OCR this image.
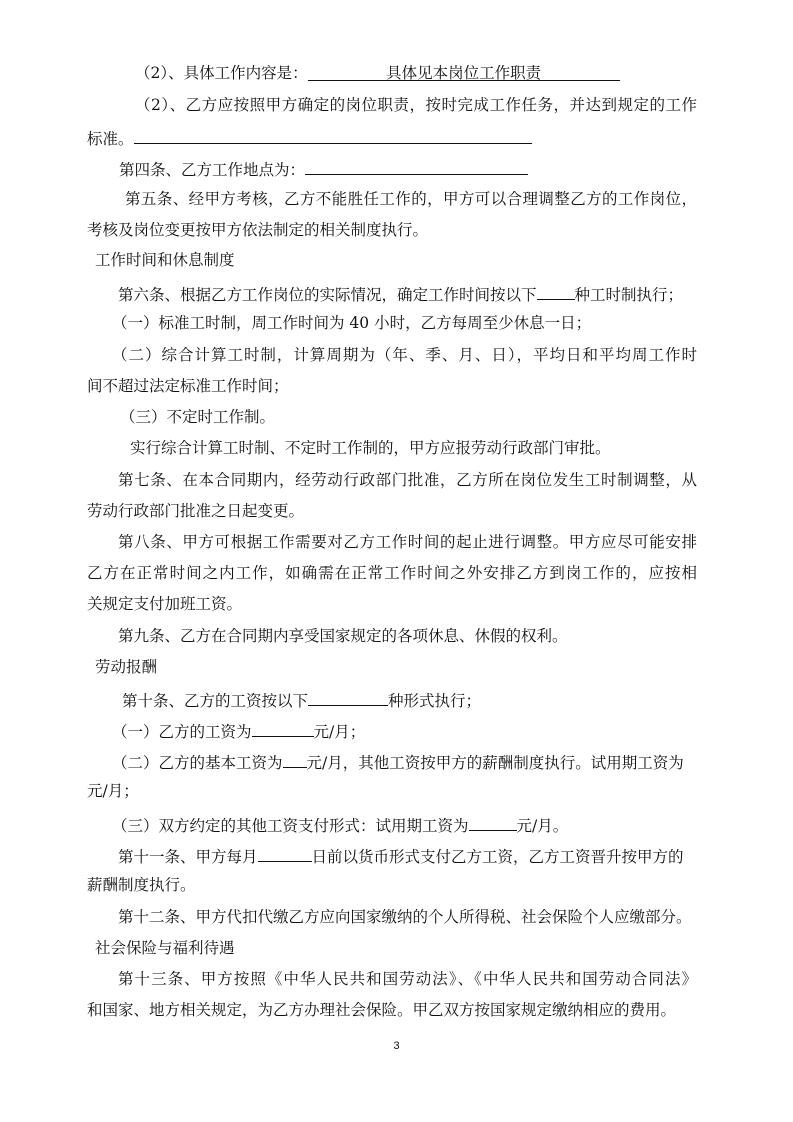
（2）、具体工作内容是：	具体见本岗位工作职责
（2）、乙方应按照甲方确定的岗位职责，按时完成工作任务，并达到规定的工作
标准。
第四条、乙方工作地点为：
第五条、经甲方考核，乙方不能胜任工作的，甲方可以合理调整乙方的工作岗位，
考核及岗位变更按甲方依法制定的相关制度执行。
工作时间和休息制度
第六条、根据乙方工作岗位的实际情况，确定工作时间按以下 种工时制执行；
（一）标准工时制，周工作时间为 40 小时，乙方每周至少休息一日；
（二）综合计算工时制，计算周期为（年、季、月、日），平均日和平均周工作时
间不超过法定标准工作时间；
（三）不定时工作制。
实行综合计算工时制、不定时工作制的，甲方应报劳动行政部门审批。
第七条、在本合同期内，经劳动行政部门批准，乙方所在岗位发生工时制调整，从
劳动行政部门批准之日起变更。
第八条、甲方可根据工作需要对乙方工作时间的起止进行调整。甲方应尽可能安排
乙方在正常时间之内工作，如确需在正常工作时间之外安排乙方到岗工作的，应按相
关规定支付加班工资。
第九条、乙方在合同期内享受国家规定的各项休息、休假的权利。
劳动报酬
第十条、乙方的工资按以下	种形式执行；
（一）乙方的工资为	元/月；
（二）乙方的基本工资为 元/月，其他工资按甲方的薪酬制度执行。试用期工资为
元/月；
（三）双方约定的其他工资支付形式：试用期工资为	元/月。
第十一条、甲方每月	日前以货币形式支付乙方工资，乙方工资晋升按甲方的
薪酬制度执行。
第十二条、甲方代扣代缴乙方应向国家缴纳的个人所得税、社会保险个人应缴部分。
社会保险与福利待遇
第十三条、甲方按照《中华人民共和国劳动法》、《中华人民共和国劳动合同法》
和国家、地方相关规定，为乙方办理社会保险。甲乙双方按国家规定缴纳相应的费用。
3
